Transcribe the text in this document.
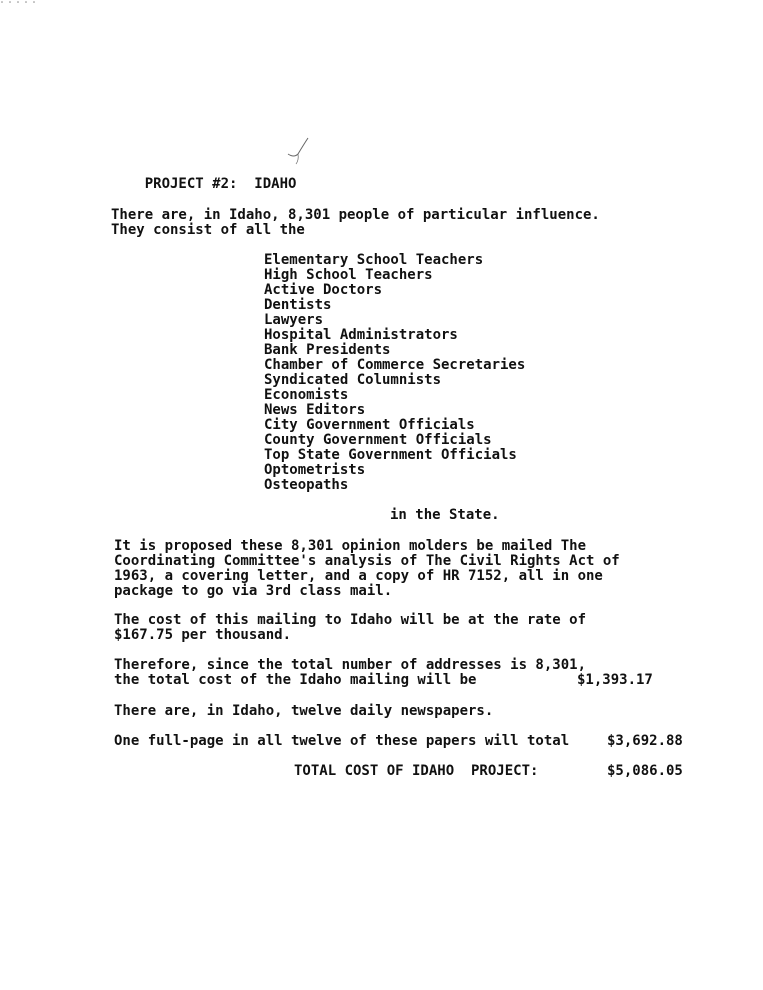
PROJECT #2: IDAHO

There are, in Idaho, 8,301 people of particular influence.
They consist of all the
Elementary School Teachers
High School Teachers
Active Doctors
Dentists
Lawyers
Hospital Administrators
Bank Presidents
Chamber of Commerce Secretaries
Syndicated Columnists
Economists
News Editors
City Government Officials
County Government Officials
Top State Government Officials
Optometrists
Osteopaths
in the State.
It is proposed these 8,301 opinion molders be mailed The
Coordinating Committee's analysis of The Civil Rights Act of
1963, a covering letter, and a copy of HR 7152, all in one
package to go via 3rd class mail.
The cost of this mailing to Idaho will be at the rate of
$167.75 per thousand.
Therefore, since the total number of addresses is 8,301,
the total cost of the Idaho mailing will be	$1,393.17
There are, in Idaho, twelve daily newspapers.
One full-page in all twelve of these papers will total	$3,692.88
TOTAL COST OF IDAHO  PROJECT:	$5,086.05
